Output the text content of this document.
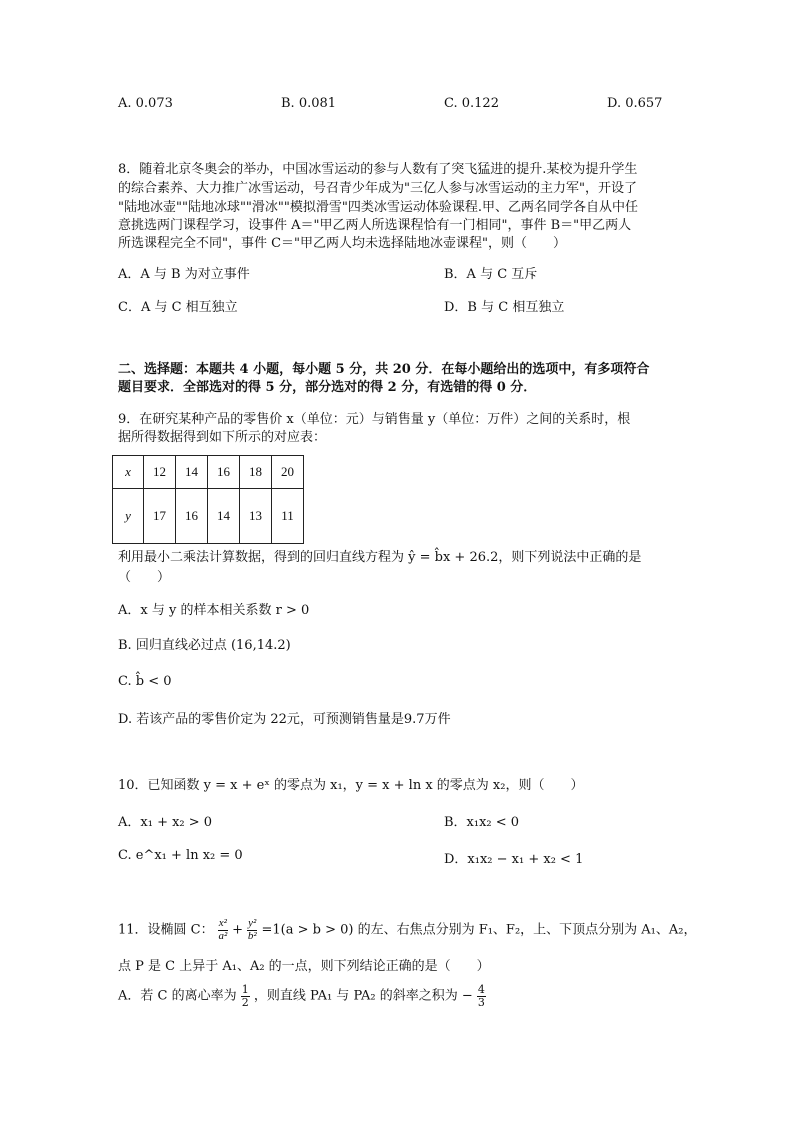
A. 0.073	B. 0.081	C. 0.122	D. 0.657
8．随着北京冬奥会的举办，中国冰雪运动的参与人数有了突飞猛进的提升.某校为提升学生
的综合素养、大力推广冰雪运动，号召青少年成为"三亿人参与冰雪运动的主力军"，开设了
"陆地冰壶""陆地冰球""滑冰""模拟滑雪"四类冰雪运动体验课程.甲、乙两名同学各自从中任
意挑选两门课程学习，设事件 A＝"甲乙两人所选课程恰有一门相同"，事件 B＝"甲乙两人
所选课程完全不同"，事件 C＝"甲乙两人均未选择陆地冰壶课程"，则（　　）
A．A 与 B 为对立事件	B．A 与 C 互斥
C．A 与 C 相互独立	D．B 与 C 相互独立
二、选择题：本题共 4 小题，每小题 5 分，共 20 分．在每小题给出的选项中，有多项符合
题目要求．全部选对的得 5 分，部分选对的得 2 分，有选错的得 0 分．
9．在研究某种产品的零售价 x（单位：元）与销售量 y（单位：万件）之间的关系时，根
据所得数据得到如下所示的对应表：
x	12	14	16	18	20
y	17	16	14	13	11
利用最小二乘法计算数据，得到的回归直线方程为 ŷ = b̂x + 26.2，则下列说法中正确的是
（　　）
A．x 与 y 的样本相关系数 r > 0
B. 回归直线必过点 (16,14.2)
C. b̂ < 0
D. 若该产品的零售价定为 22元，可预测销售量是9.7万件
10．已知函数 y = x + eˣ 的零点为 x₁，y = x + ln x 的零点为 x₂，则（　　）
A．x₁ + x₂ > 0	B．x₁x₂ < 0
C. e^x₁ + ln x₂ = 0	D．x₁x₂ − x₁ + x₂ < 1
11．设椭圆 C： $\frac{\text{x²}}{\text{a²}} + \frac{\text{y²}}{\text{b²}} =1(a > b > 0)$ 的左、右焦点分别为 F₁、F₂，上、下顶点分别为 A₁、A₂，
点 P 是 C 上异于 A₁、A₂ 的一点，则下列结论正确的是（　　）
A．若 C 的离心率为 $\frac{1}{2}$ ，则直线 PA₁ 与 PA₂ 的斜率之积为 − $\frac{4}{3}$
